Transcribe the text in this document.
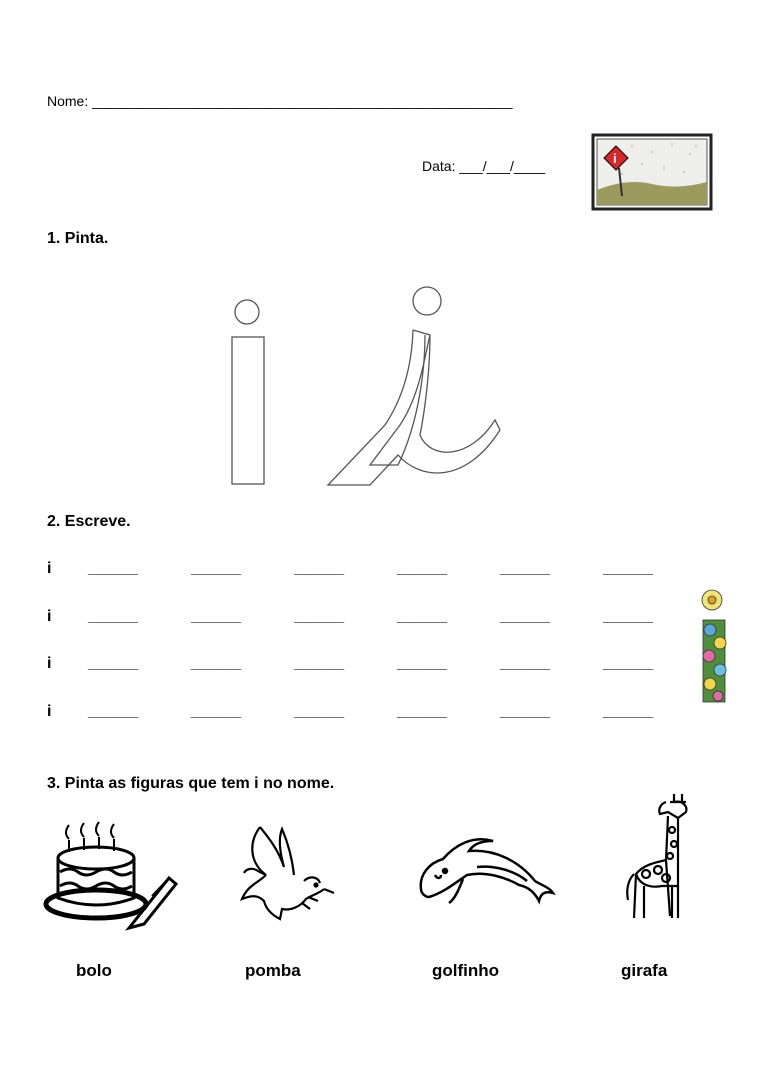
Nome: ______________________________________________________
Data: ___/___/____	i
1. Pinta.
2. Escreve.
i ______	______	______	______	______	______
i ______	______	______	______	______	______
i ______	______	______	______	______	______
i ______	______	______	______	______	______
3. Pinta as figuras que tem i no nome.
bolo	pomba	golfinho	girafa
